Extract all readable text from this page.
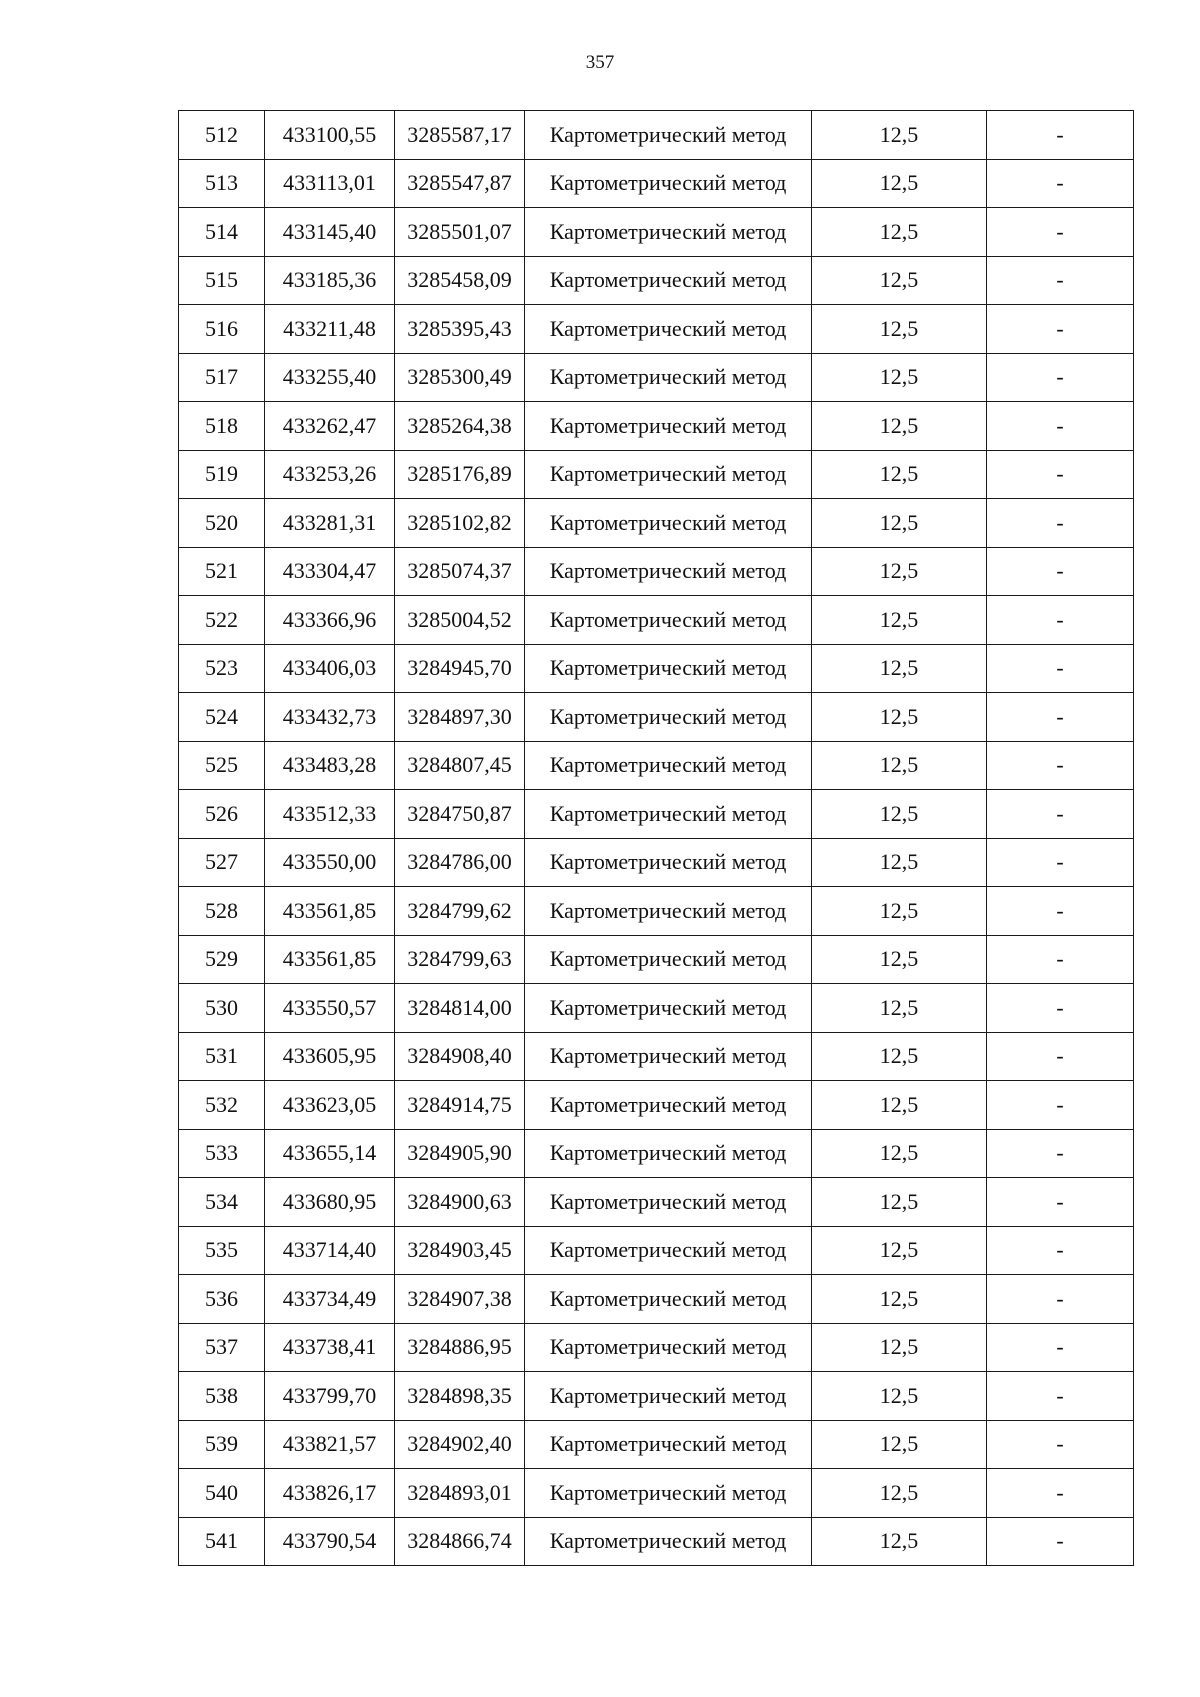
357
512	433100,55	3285587,17	Картометрический метод	12,5	-
513	433113,01	3285547,87	Картометрический метод	12,5	-
514	433145,40	3285501,07	Картометрический метод	12,5	-
515	433185,36	3285458,09	Картометрический метод	12,5	-
516	433211,48	3285395,43	Картометрический метод	12,5	-
517	433255,40	3285300,49	Картометрический метод	12,5	-
518	433262,47	3285264,38	Картометрический метод	12,5	-
519	433253,26	3285176,89	Картометрический метод	12,5	-
520	433281,31	3285102,82	Картометрический метод	12,5	-
521	433304,47	3285074,37	Картометрический метод	12,5	-
522	433366,96	3285004,52	Картометрический метод	12,5	-
523	433406,03	3284945,70	Картометрический метод	12,5	-
524	433432,73	3284897,30	Картометрический метод	12,5	-
525	433483,28	3284807,45	Картометрический метод	12,5	-
526	433512,33	3284750,87	Картометрический метод	12,5	-
527	433550,00	3284786,00	Картометрический метод	12,5	-
528	433561,85	3284799,62	Картометрический метод	12,5	-
529	433561,85	3284799,63	Картометрический метод	12,5	-
530	433550,57	3284814,00	Картометрический метод	12,5	-
531	433605,95	3284908,40	Картометрический метод	12,5	-
532	433623,05	3284914,75	Картометрический метод	12,5	-
533	433655,14	3284905,90	Картометрический метод	12,5	-
534	433680,95	3284900,63	Картометрический метод	12,5	-
535	433714,40	3284903,45	Картометрический метод	12,5	-
536	433734,49	3284907,38	Картометрический метод	12,5	-
537	433738,41	3284886,95	Картометрический метод	12,5	-
538	433799,70	3284898,35	Картометрический метод	12,5	-
539	433821,57	3284902,40	Картометрический метод	12,5	-
540	433826,17	3284893,01	Картометрический метод	12,5	-
541	433790,54	3284866,74	Картометрический метод	12,5	-
